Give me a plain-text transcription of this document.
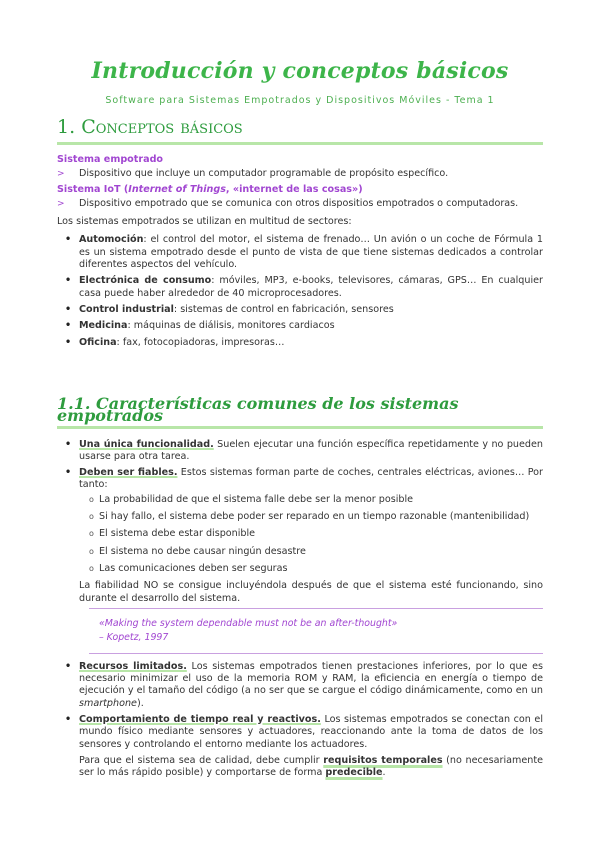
Introducción y conceptos básicos
Software para Sistemas Empotrados y Dispositivos Móviles - Tema 1
1. Conceptos básicos

Sistema empotrado

> Dispositivo que incluye un computador programable de propósito específico.

Sistema IoT (Internet of Things, «internet de las cosas»)

> Dispositivo empotrado que se comunica con otros dispositios empotrados o computadoras.

Los sistemas empotrados se utilizan en multitud de sectores:

• Automoción: el control del motor, el sistema de frenado… Un avión o un coche de Fórmula 1 es un sistema empotrado desde el punto de vista de que tiene sistemas dedicados a controlar diferentes aspectos del vehículo.
• Electrónica de consumo: móviles, MP3, e-books, televisores, cámaras, GPS… En cualquier casa puede haber alrededor de 40 microprocesadores.
• Control industrial: sistemas de control en fabricación, sensores
• Medicina: máquinas de diálisis, monitores cardiacos
• Oficina: fax, fotocopiadoras, impresoras…
1.1. Características comunes de los sistemas empotrados
• Una única funcionalidad. Suelen ejecutar una función específica repetidamente y no pueden usarse para otra tarea.
• Deben ser fiables. Estos sistemas forman parte de coches, centrales eléctricas, aviones… Por tanto:
o La probabilidad de que el sistema falle debe ser la menor posible
o Si hay fallo, el sistema debe poder ser reparado en un tiempo razonable (mantenibilidad)
o El sistema debe estar disponible
o El sistema no debe causar ningún desastre
o Las comunicaciones deben ser seguras

La fiabilidad NO se consigue incluyéndola después de que el sistema esté funcionando, sino durante el desarrollo del sistema.

«Making the system dependable must not be an after-thought»
– Kopetz, 1997
• Recursos limitados. Los sistemas empotrados tienen prestaciones inferiores, por lo que es necesario minimizar el uso de la memoria ROM y RAM, la eficiencia en energía o tiempo de ejecución y el tamaño del código (a no ser que se cargue el código dinámicamente, como en un smartphone).
• Comportamiento de tiempo real y reactivos. Los sistemas empotrados se conectan con el mundo físico mediante sensores y actuadores, reaccionando ante la toma de datos de los sensores y controlando el entorno mediante los actuadores.

Para que el sistema sea de calidad, debe cumplir requisitos temporales (no necesariamente ser lo más rápido posible) y comportarse de forma predecible.
